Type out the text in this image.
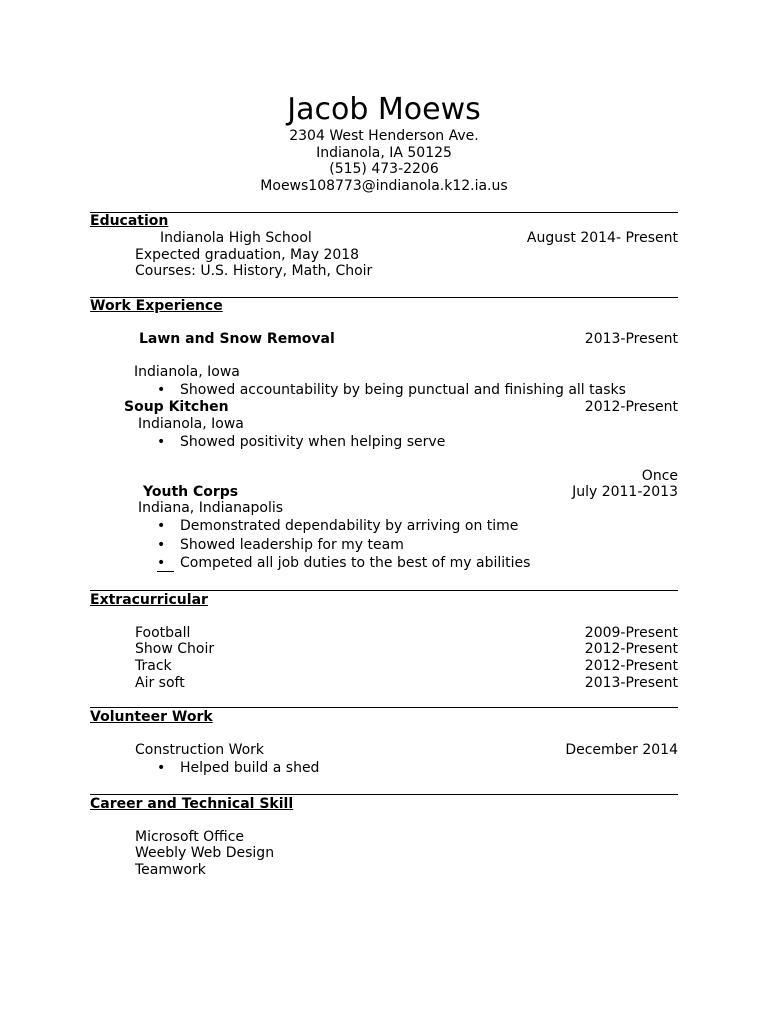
Jacob Moews
2304 West Henderson Ave.
Indianola, IA 50125
(515) 473-2206
Moews108773@indianola.k12.ia.us
Education
Indianola High School	August 2014- Present
Expected graduation, May 2018
Courses: U.S. History, Math, Choir
Work Experience
Lawn and Snow Removal	2013-Present
Indianola, Iowa
• Showed accountability by being punctual and finishing all tasks
Soup Kitchen	2012-Present
Indianola, Iowa
• Showed positivity when helping serve
Once
Youth Corps	July 2011-2013
Indiana, Indianapolis
• Demonstrated dependability by arriving on time
• Showed leadership for my team
•	Competed all job duties to the best of my abilities
Extracurricular
Football	2009-Present
Show Choir	2012-Present
Track	2012-Present
Air soft	2013-Present
Volunteer Work
Construction Work	December 2014
• Helped build a shed
Career and Technical Skill
Microsoft Office
Weebly Web Design
Teamwork
